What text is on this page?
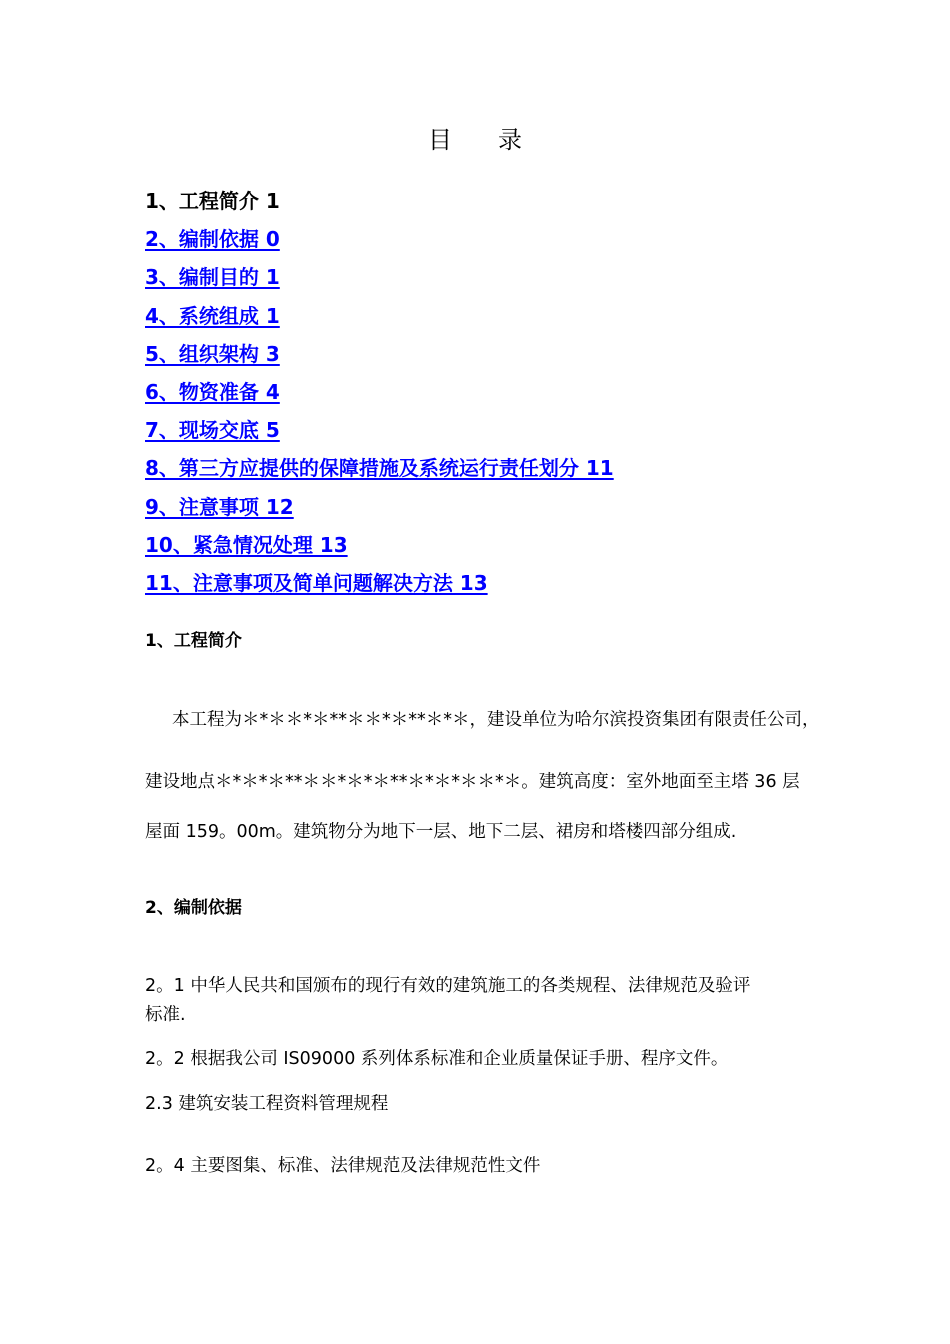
目录
1、工程简介 1
2、编制依据 0
3、编制目的 1
4、系统组成 1
5、组织架构 3
6、物资准备 4
7、现场交底 5
8、第三方应提供的保障措施及系统运行责任划分 11
9、注意事项 12
10、紧急情况处理 13
11、注意事项及简单问题解决方法 13
1、工程简介
本工程为＊*＊＊*＊**＊＊*＊**＊*＊，建设单位为哈尔滨投资集团有限责任公司，
建设地点＊*＊*＊**＊＊*＊*＊**＊*＊*＊＊*＊。建筑高度：室外地面至主塔 36 层
屋面 159。00m。建筑物分为地下一层、地下二层、裙房和塔楼四部分组成.
2、编制依据
2。1 中华人民共和国颁布的现行有效的建筑施工的各类规程、法律规范及验评
标准.
2。2 根据我公司 IS09000 系列体系标准和企业质量保证手册、程序文件。
2.3 建筑安装工程资料管理规程
2。4 主要图集、标准、法律规范及法律规范性文件
